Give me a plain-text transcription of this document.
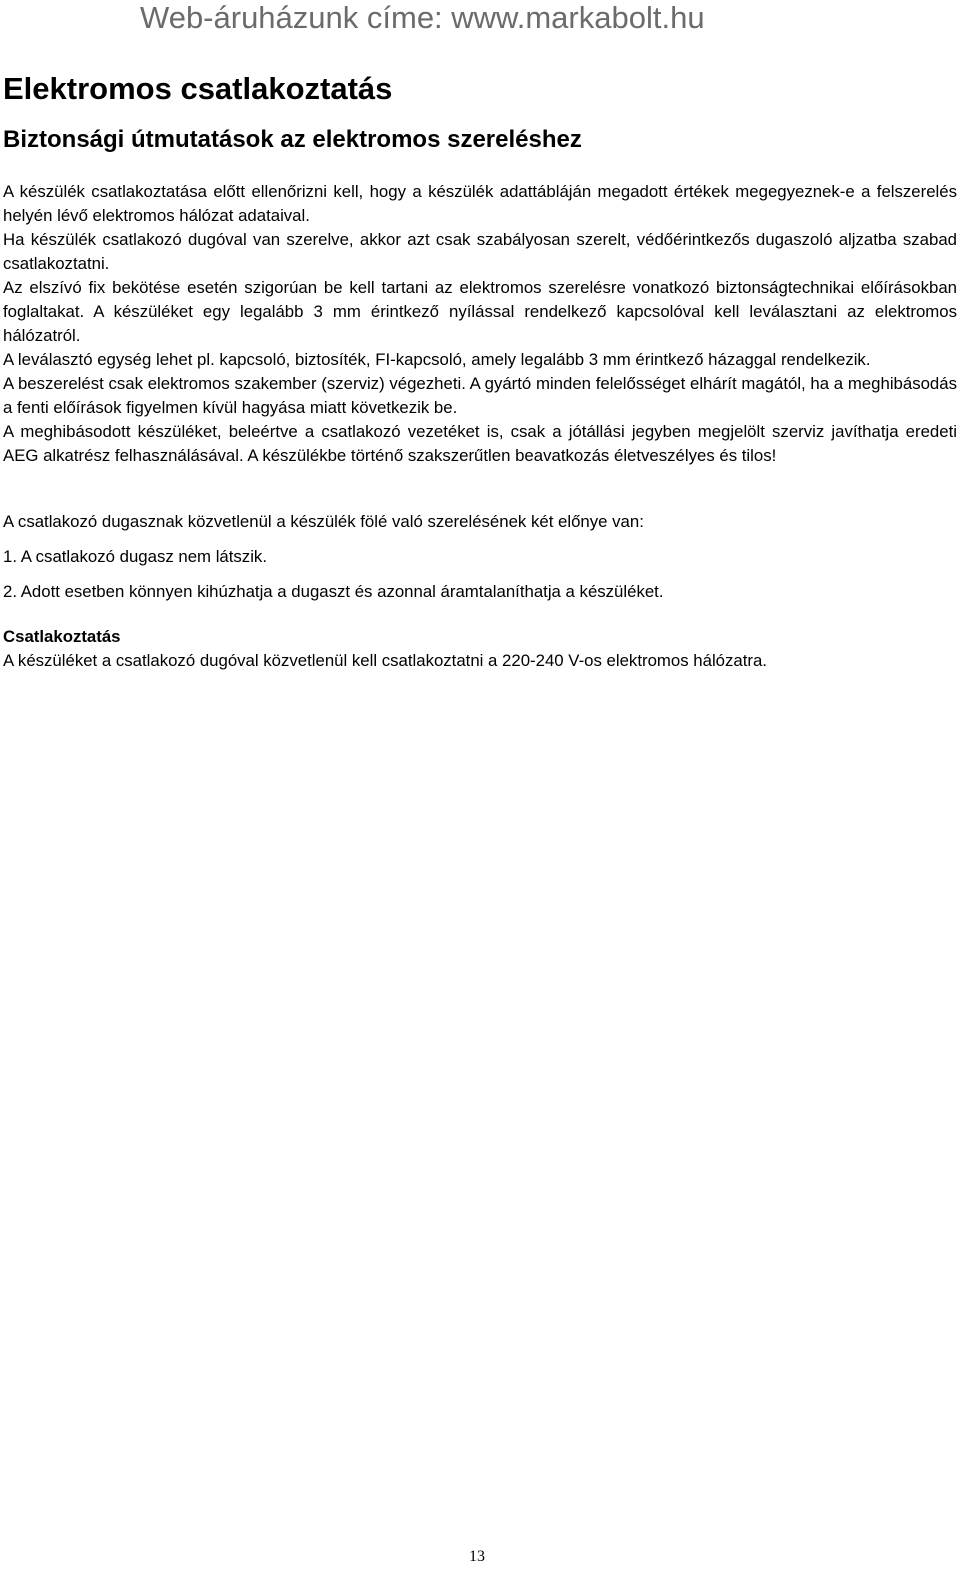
Web-áruházunk címe: www.markabolt.hu
Elektromos csatlakoztatás
Biztonsági útmutatások az elektromos szereléshez

A készülék csatlakoztatása előtt ellenőrizni kell, hogy a készülék adattábláján megadott értékek megegyeznek-e a felszerelés helyén lévő elektromos hálózat adataival.

Ha készülék csatlakozó dugóval van szerelve, akkor azt csak szabályosan szerelt, védőérintkezős dugaszoló aljzatba szabad csatlakoztatni.

Az elszívó fix bekötése esetén szigorúan be kell tartani az elektromos szerelésre vonatkozó biztonságtechnikai előírásokban foglaltakat. A készüléket egy legalább 3 mm érintkező nyílással rendelkező kapcsolóval kell leválasztani az elektromos hálózatról.

A leválasztó egység lehet pl. kapcsoló, biztosíték, FI-kapcsoló, amely legalább 3 mm érintkező házaggal rendelkezik.

A beszerelést csak elektromos szakember (szerviz) végezheti. A gyártó minden felelősséget elhárít magától, ha a meghibásodás a fenti előírások figyelmen kívül hagyása miatt következik be.

A meghibásodott készüléket, beleértve a csatlakozó vezetéket is, csak a jótállási jegyben megjelölt szerviz javíthatja eredeti AEG alkatrész felhasználásával. A készülékbe történő szakszerűtlen beavatkozás életveszélyes és tilos!

A csatlakozó dugasznak közvetlenül a készülék fölé való szerelésének két előnye van:
1. A csatlakozó dugasz nem látszik.
2. Adott esetben könnyen kihúzhatja a dugaszt és azonnal áramtalaníthatja a készüléket.
Csatlakoztatás
A készüléket a csatlakozó dugóval közvetlenül kell csatlakoztatni a 220-240 V-os elektromos hálózatra.
13
